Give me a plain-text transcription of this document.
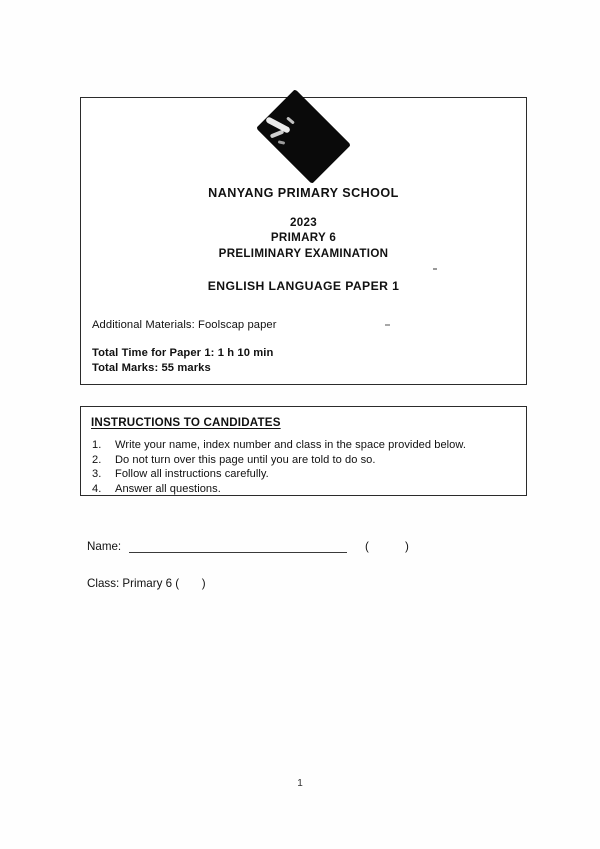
NANYANG PRIMARY SCHOOL
2023
PRIMARY 6
PRELIMINARY EXAMINATION
ENGLISH LANGUAGE PAPER 1
Additional Materials: Foolscap paper
Total Time for Paper 1: 1 h 10 min
Total Marks: 55 marks
INSTRUCTIONS TO CANDIDATES
1.	Write your name, index number and class in the space provided below.
2.	Do not turn over this page until you are told to do so.
3.	Follow all instructions carefully.
4.	Answer all questions.
Name:	(	)
Class: Primary 6 ( )
1
